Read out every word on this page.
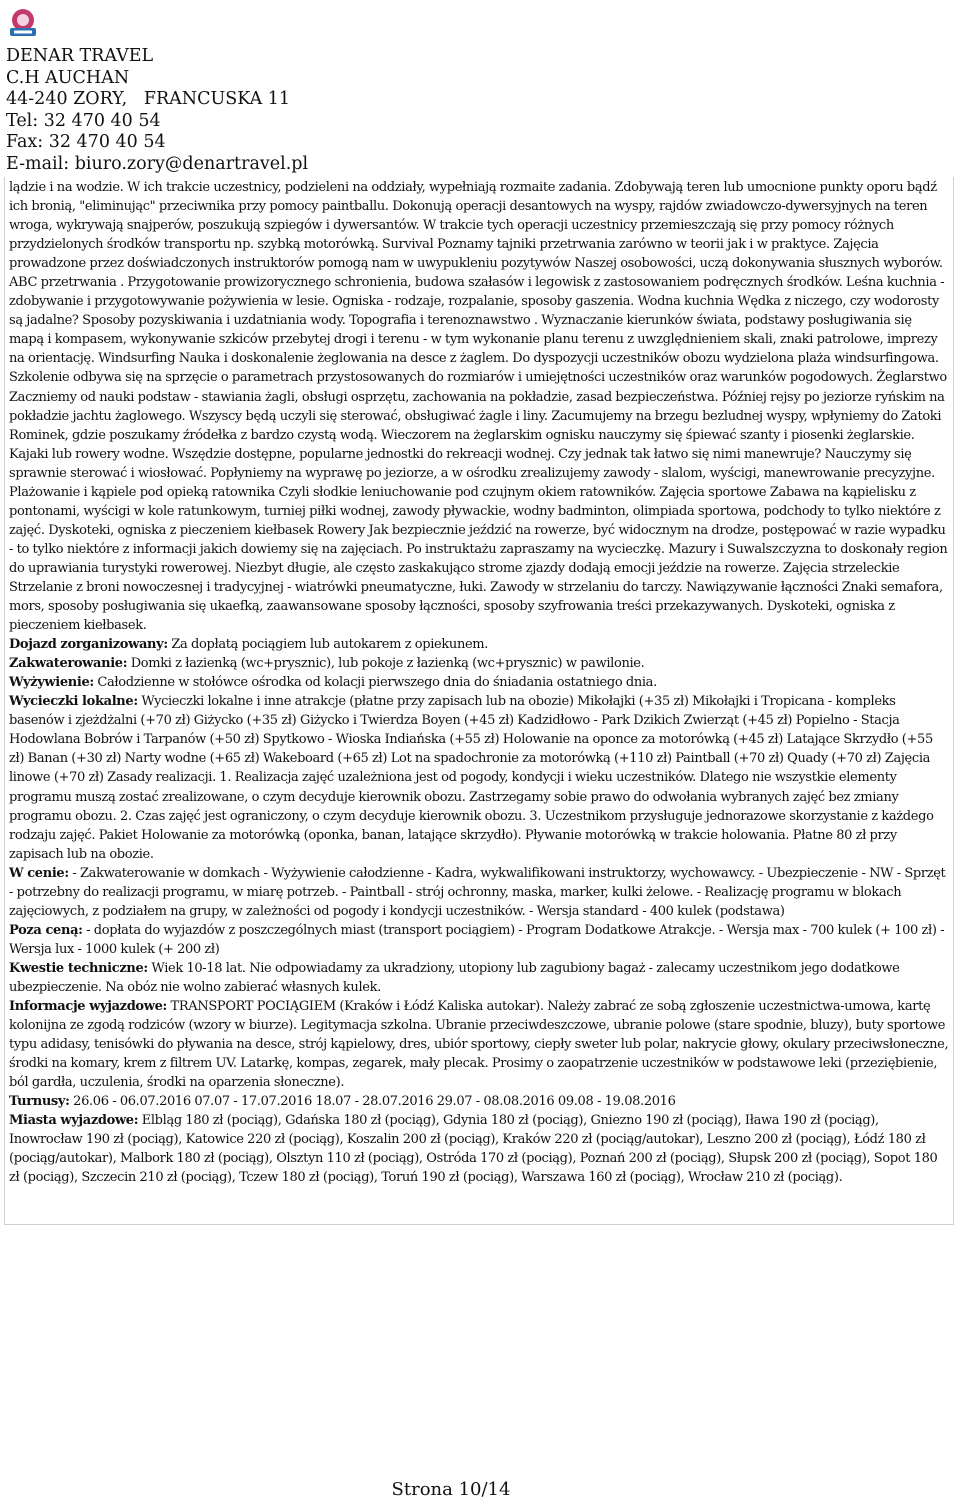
DENAR TRAVEL
C.H AUCHAN
44-240 ZORY,   FRANCUSKA 11
Tel: 32 470 40 54
Fax: 32 470 40 54
E-mail: biuro.zory@denartravel.pl

lądzie i na wodzie. W ich trakcie uczestnicy, podzieleni na oddziały, wypełniają rozmaite zadania. Zdobywają teren lub umocnione punkty oporu bądź ich bronią, "eliminując" przeciwnika przy pomocy paintballu. Dokonują operacji desantowych na wyspy, rajdów zwiadowczo-dywersyjnych na teren wroga, wykrywają snajperów, poszukują szpiegów i dywersantów. W trakcie tych operacji uczestnicy przemieszczają się przy pomocy różnych przydzielonych środków transportu np. szybką motorówką. Survival Poznamy tajniki przetrwania zarówno w teorii jak i w praktyce. Zajęcia prowadzone przez doświadczonych instruktorów pomogą nam w uwypukleniu pozytywów Naszej osobowości, uczą dokonywania słusznych wyborów. ABC przetrwania . Przygotowanie prowizorycznego schronienia, budowa szałasów i legowisk z zastosowaniem podręcznych środków. Leśna kuchnia - zdobywanie i przygotowywanie pożywienia w lesie. Ogniska - rodzaje, rozpalanie, sposoby gaszenia. Wodna kuchnia Wędka z niczego, czy wodorosty są jadalne? Sposoby pozyskiwania i uzdatniania wody. Topografia i terenoznawstwo . Wyznaczanie kierunków świata, podstawy posługiwania się mapą i kompasem, wykonywanie szkiców przebytej drogi i terenu - w tym wykonanie planu terenu z uwzględnieniem skali, znaki patrolowe, imprezy na orientację. Windsurfing Nauka i doskonalenie żeglowania na desce z żaglem. Do dyspozycji uczestników obozu wydzielona plaża windsurfingowa. Szkolenie odbywa się na sprzęcie o parametrach przystosowanych do rozmiarów i umiejętności uczestników oraz warunków pogodowych. Żeglarstwo Zaczniemy od nauki podstaw - stawiania żagli, obsługi osprzętu, zachowania na pokładzie, zasad bezpieczeństwa. Później rejsy po jeziorze ryńskim na pokładzie jachtu żaglowego. Wszyscy będą uczyli się sterować, obsługiwać żagle i liny. Zacumujemy na brzegu bezludnej wyspy, wpłyniemy do Zatoki Rominek, gdzie poszukamy źródełka z bardzo czystą wodą. Wieczorem na żeglarskim ognisku nauczymy się śpiewać szanty i piosenki żeglarskie. Kajaki lub rowery wodne. Wszędzie dostępne, popularne jednostki do rekreacji wodnej. Czy jednak tak łatwo się nimi manewruje? Nauczymy się sprawnie sterować i wiosłować. Popłyniemy na wyprawę po jeziorze, a w ośrodku zrealizujemy zawody - slalom, wyścigi, manewrowanie precyzyjne. Plażowanie i kąpiele pod opieką ratownika Czyli słodkie leniuchowanie pod czujnym okiem ratowników. Zajęcia sportowe Zabawa na kąpielisku z pontonami, wyścigi w kole ratunkowym, turniej piłki wodnej, zawody pływackie, wodny badminton, olimpiada sportowa, podchody to tylko niektóre z zajęć. Dyskoteki, ogniska z pieczeniem kiełbasek Rowery Jak bezpiecznie jeździć na rowerze, być widocznym na drodze, postępować w razie wypadku - to tylko niektóre z informacji jakich dowiemy się na zajęciach. Po instruktażu zapraszamy na wycieczkę. Mazury i Suwalszczyzna to doskonały region do uprawiania turystyki rowerowej. Niezbyt długie, ale często zaskakująco strome zjazdy dodają emocji jeździe na rowerze. Zajęcia strzeleckie Strzelanie z broni nowoczesnej i tradycyjnej - wiatrówki pneumatyczne, łuki. Zawody w strzelaniu do tarczy. Nawiązywanie łączności Znaki semafora, mors, sposoby posługiwania się ukaefką, zaawansowane sposoby łączności, sposoby szyfrowania treści przekazywanych. Dyskoteki, ogniska z pieczeniem kiełbasek.

Dojazd zorganizowany: Za dopłatą pociągiem lub autokarem z opiekunem.

Zakwaterowanie: Domki z łazienką (wc+prysznic), lub pokoje z łazienką (wc+prysznic) w pawilonie.

Wyżywienie: Całodzienne w stołówce ośrodka od kolacji pierwszego dnia do śniadania ostatniego dnia.

Wycieczki lokalne: Wycieczki lokalne i inne atrakcje (płatne przy zapisach lub na obozie) Mikołajki (+35 zł) Mikołajki i Tropicana - kompleks basenów i zjeżdżalni (+70 zł) Giżycko (+35 zł) Giżycko i Twierdza Boyen (+45 zł) Kadzidłowo - Park Dzikich Zwierząt (+45 zł) Popielno - Stacja Hodowlana Bobrów i Tarpanów (+50 zł) Spytkowo - Wioska Indiańska (+55 zł) Holowanie na oponce za motorówką (+45 zł) Latające Skrzydło (+55 zł) Banan (+30 zł) Narty wodne (+65 zł) Wakeboard (+65 zł) Lot na spadochronie za motorówką (+110 zł) Paintball (+70 zł) Quady (+70 zł) Zajęcia linowe (+70 zł) Zasady realizacji. 1. Realizacja zajęć uzależniona jest od pogody, kondycji i wieku uczestników. Dlatego nie wszystkie elementy programu muszą zostać zrealizowane, o czym decyduje kierownik obozu. Zastrzegamy sobie prawo do odwołania wybranych zajęć bez zmiany programu obozu. 2. Czas zajęć jest ograniczony, o czym decyduje kierownik obozu. 3. Uczestnikom przysługuje jednorazowe skorzystanie z każdego rodzaju zajęć. Pakiet Holowanie za motorówką (oponka, banan, latające skrzydło). Pływanie motorówką w trakcie holowania. Płatne 80 zł przy zapisach lub na obozie.

W cenie: - Zakwaterowanie w domkach - Wyżywienie całodzienne - Kadra, wykwalifikowani instruktorzy, wychowawcy. - Ubezpieczenie - NW - Sprzęt - potrzebny do realizacji programu, w miarę potrzeb. - Paintball - strój ochronny, maska, marker, kulki żelowe. - Realizację programu w blokach zajęciowych, z podziałem na grupy, w zależności od pogody i kondycji uczestników. - Wersja standard - 400 kulek (podstawa)

Poza ceną: - dopłata do wyjazdów z poszczególnych miast (transport pociągiem) - Program Dodatkowe Atrakcje. - Wersja max - 700 kulek (+ 100 zł) - Wersja lux - 1000 kulek (+ 200 zł)

Kwestie techniczne: Wiek 10-18 lat. Nie odpowiadamy za ukradziony, utopiony lub zagubiony bagaż - zalecamy uczestnikom jego dodatkowe ubezpieczenie. Na obóz nie wolno zabierać własnych kulek.

Informacje wyjazdowe: TRANSPORT POCIĄGIEM (Kraków i Łódź Kaliska autokar). Należy zabrać ze sobą zgłoszenie uczestnictwa-umowa, kartę kolonijna ze zgodą rodziców (wzory w biurze). Legitymacja szkolna. Ubranie przeciwdeszczowe, ubranie polowe (stare spodnie, bluzy), buty sportowe typu adidasy, tenisówki do pływania na desce, strój kąpielowy, dres, ubiór sportowy, ciepły sweter lub polar, nakrycie głowy, okulary przeciwsłoneczne, środki na komary, krem z filtrem UV. Latarkę, kompas, zegarek, mały plecak. Prosimy o zaopatrzenie uczestników w podstawowe leki (przeziębienie, ból gardła, uczulenia, środki na oparzenia słoneczne).

Turnusy: 26.06 - 06.07.2016 07.07 - 17.07.2016 18.07 - 28.07.2016 29.07 - 08.08.2016 09.08 - 19.08.2016

Miasta wyjazdowe: Elbląg 180 zł (pociąg), Gdańska 180 zł (pociąg), Gdynia 180 zł (pociąg), Gniezno 190 zł (pociąg), Iława 190 zł (pociąg), Inowrocław 190 zł (pociąg), Katowice 220 zł (pociąg), Koszalin 200 zł (pociąg), Kraków 220 zł (pociąg/autokar), Leszno 200 zł (pociąg), Łódź 180 zł (pociąg/autokar), Malbork 180 zł (pociąg), Olsztyn 110 zł (pociąg), Ostróda 170 zł (pociąg), Poznań 200 zł (pociąg), Słupsk 200 zł (pociąg), Sopot 180 zł (pociąg), Szczecin 210 zł (pociąg), Tczew 180 zł (pociąg), Toruń 190 zł (pociąg), Warszawa 160 zł (pociąg), Wrocław 210 zł (pociąg).

Strona 10/14
